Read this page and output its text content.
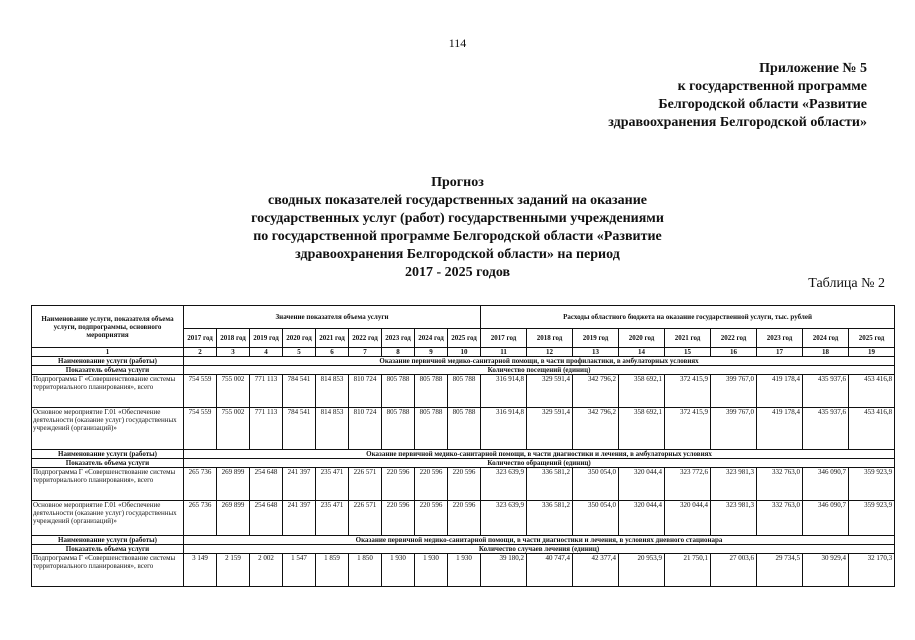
114
Приложение № 5
к государственной программе
Белгородской области «Развитие
здравоохранения Белгородской области»
Прогноз
сводных показателей государственных заданий на оказание
государственных услуг (работ) государственными учреждениями
по государственной программе Белгородской области «Развитие
здравоохранения Белгородской области» на период
2017 - 2025 годов
Таблица № 2
Наименование услуги, показателя объема услуги, подпрограммы, основного мероприятия	Значение показателя объема услуги									Расходы областного бюджета на оказание государственной услуги, тыс. рублей								
	2017 год	2018 год	2019 год	2020 год	2021 год	2022 год	2023 год	2024 год	2025 год	2017 год	2018 год	2019 год	2020 год	2021 год	2022 год	2023 год	2024 год	2025 год
1	2	3	4	5	6	7	8	9	10	11	12	13	14	15	16	17	18	19
Наименование услуги (работы)	Оказание первичной медико-санитарной помощи, в части профилактики, в амбулаторных условиях																	
Показатель объема услуги	Количество посещений (единиц)																	
Подпрограмма Г «Совершенствование системы территориального планирования», всего	754 559	755 002	771 113	784 541	814 853	810 724	805 788	805 788	805 788	316 914,8	329 591,4	342 796,2	358 692,1	372 415,9	399 767,0	419 178,4	435 937,6	453 416,8
Основное мероприятие Г.01 «Обеспечение деятельности (оказание услуг) государственных учреждений (организаций)»	754 559	755 002	771 113	784 541	814 853	810 724	805 788	805 788	805 788	316 914,8	329 591,4	342 796,2	358 692,1	372 415,9	399 767,0	419 178,4	435 937,6	453 416,8
Наименование услуги (работы)	Оказание первичной медико-санитарной помощи, в части диагностики и лечения, в амбулаторных условиях																	
Показатель объема услуги	Количество обращений (единиц)																	
Подпрограмма Г «Совершенствование системы территориального планирования», всего	265 736	269 899	254 648	241 397	235 471	226 571	220 596	220 596	220 596	323 639,9	336 581,2	350 054,0	320 044,4	323 772,6	323 981,3	332 763,0	346 090,7	359 923,9
Основное мероприятие Г.01 «Обеспечение деятельности (оказание услуг) государственных учреждений (организаций)»	265 736	269 899	254 648	241 397	235 471	226 571	220 596	220 596	220 596	323 639,9	336 581,2	350 054,0	320 044,4	320 044,4	323 981,3	332 763,0	346 090,7	359 923,9
Наименование услуги (работы)	Оказание первичной медико-санитарной помощи, в части диагностики и лечения, в условиях дневного стационара																	
Показатель объема услуги	Количество случаев лечения (единиц)																	
Подпрограмма Г «Совершенствование системы территориального планирования», всего	3 149	2 159	2 002	1 547	1 859	1 850	1 930	1 930	1 930	39 180,2	40 747,4	42 377,4	20 953,9	21 750,1	27 003,6	29 734,5	30 929,4	32 170,3
